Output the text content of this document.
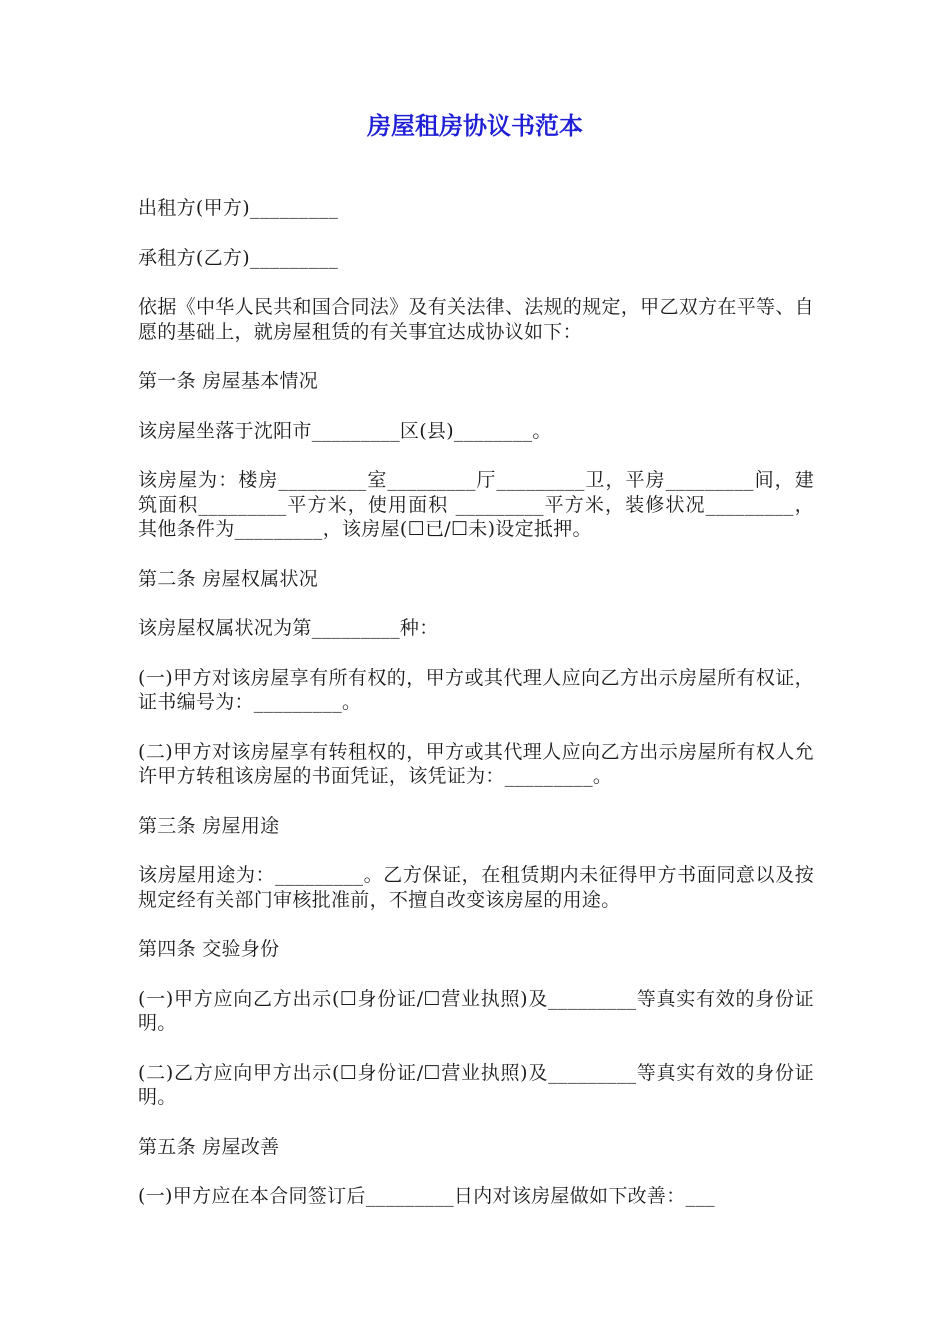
房屋租房协议书范本

出租方(甲方)_________

承租方(乙方)_________

依据《中华人民共和国合同法》及有关法律、法规的规定，甲乙双方在平等、自愿的基础上，就房屋租赁的有关事宜达成协议如下：

第一条 房屋基本情况

该房屋坐落于沈阳市_________区(县)________。

该房屋为：楼房_________室_________厅_________卫，平房_________间，建筑面积_________平方米，使用面积 _________平方米，装修状况_________，其他条件为_________，该房屋(☐已/☐未)设定抵押。

第二条 房屋权属状况

该房屋权属状况为第_________种：

(一)甲方对该房屋享有所有权的，甲方或其代理人应向乙方出示房屋所有权证，证书编号为：_________。

(二)甲方对该房屋享有转租权的，甲方或其代理人应向乙方出示房屋所有权人允许甲方转租该房屋的书面凭证，该凭证为：_________。

第三条 房屋用途

该房屋用途为：_________。乙方保证，在租赁期内未征得甲方书面同意以及按规定经有关部门审核批准前，不擅自改变该房屋的用途。

第四条 交验身份

(一)甲方应向乙方出示(☐身份证/☐营业执照)及_________等真实有效的身份证明。

(二)乙方应向甲方出示(☐身份证/☐营业执照)及_________等真实有效的身份证明。

第五条 房屋改善

(一)甲方应在本合同签订后_________日内对该房屋做如下改善：___
